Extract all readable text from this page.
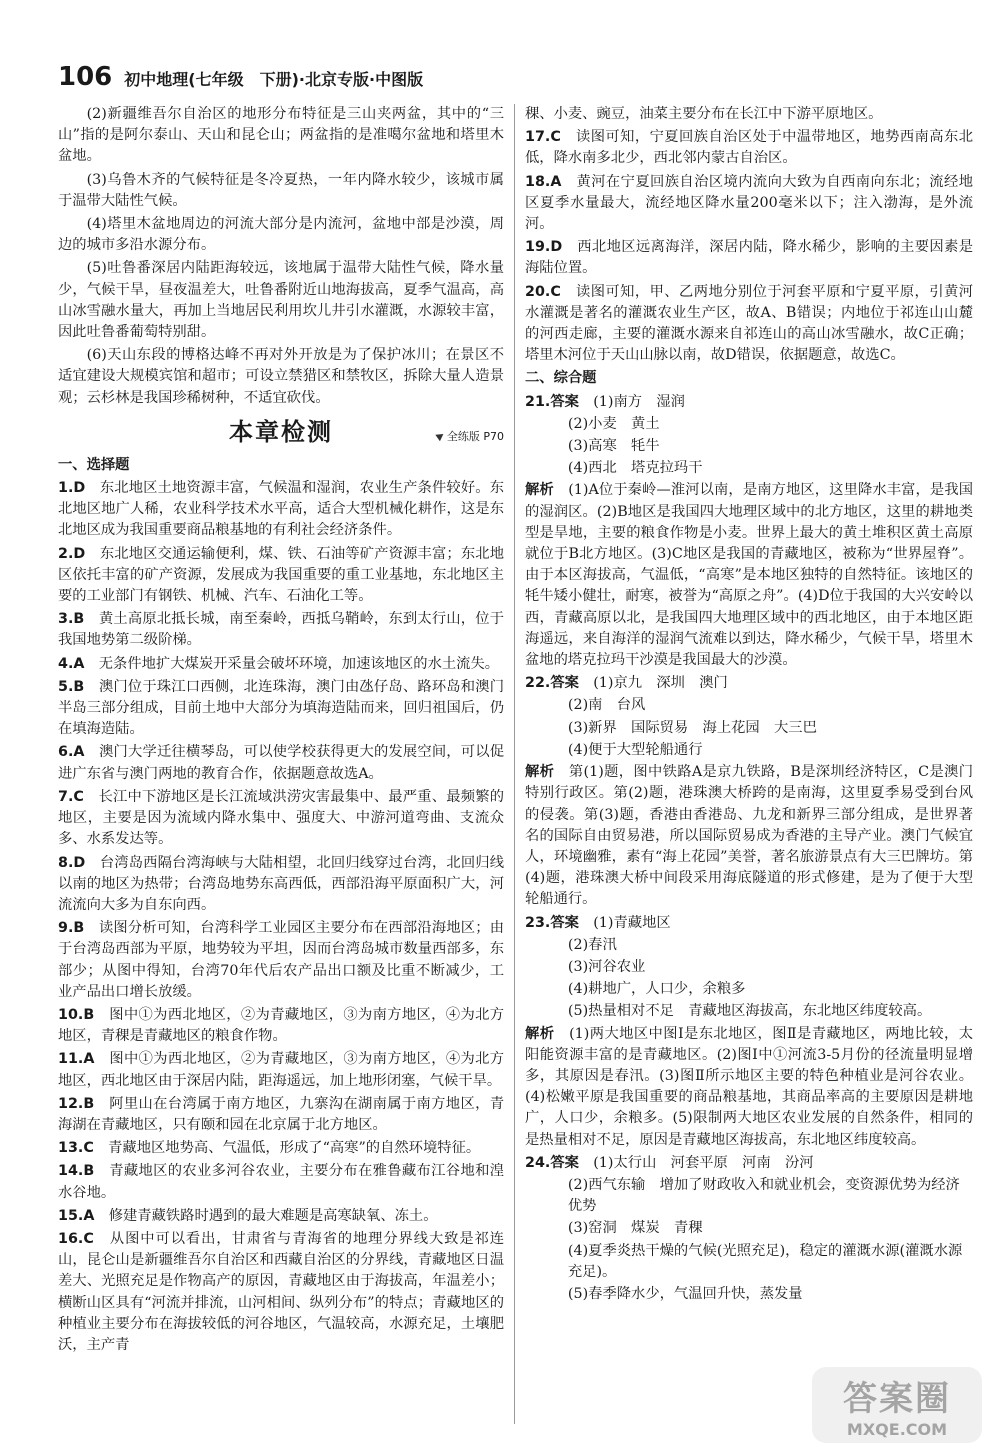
106 初中地理(七年级　下册)·北京专版·中图版

(2)新疆维吾尔自治区的地形分布特征是三山夹两盆，其中的“三山”指的是阿尔泰山、天山和昆仑山；两盆指的是准噶尔盆地和塔里木盆地。

(3)乌鲁木齐的气候特征是冬冷夏热，一年内降水较少，该城市属于温带大陆性气候。

(4)塔里木盆地周边的河流大部分是内流河，盆地中部是沙漠，周边的城市多沿水源分布。

(5)吐鲁番深居内陆距海较远，该地属于温带大陆性气候，降水量少，气候干旱，昼夜温差大，吐鲁番附近山地海拔高，夏季气温高，高山冰雪融水量大，再加上当地居民利用坎儿井引水灌溉，水源较丰富，因此吐鲁番葡萄特别甜。

(6)天山东段的博格达峰不再对外开放是为了保护冰川；在景区不适宜建设大规模宾馆和超市；可设立禁猎区和禁牧区，拆除大量人造景观；云杉林是我国珍稀树种，不适宜砍伐。

本章检测	全练版 P70
一、选择题

1.D　 东北地区土地资源丰富，气候温和湿润，农业生产条件较好。东北地区地广人稀，农业科学技术水平高，适合大型机械化耕作，这是东北地区成为我国重要商品粮基地的有利社会经济条件。

2.D　 东北地区交通运输便利，煤、铁、石油等矿产资源丰富；东北地区依托丰富的矿产资源，发展成为我国重要的重工业基地，东北地区主要的工业部门有钢铁、机械、汽车、石油化工等。

3.B　 黄土高原北抵长城，南至秦岭，西抵乌鞘岭，东到太行山，位于我国地势第二级阶梯。

4.A　 无条件地扩大煤炭开采量会破坏环境，加速该地区的水土流失。

5.B　 澳门位于珠江口西侧，北连珠海，澳门由氹仔岛、路环岛和澳门半岛三部分组成，目前土地中大部分为填海造陆而来，回归祖国后，仍在填海造陆。

6.A　 澳门大学迁往横琴岛，可以使学校获得更大的发展空间，可以促进广东省与澳门两地的教育合作，依据题意故选A。

7.C　 长江中下游地区是长江流域洪涝灾害最集中、最严重、最频繁的地区，主要是因为流域内降水集中、强度大、中游河道弯曲、支流众多、水系发达等。

8.D　 台湾岛西隔台湾海峡与大陆相望，北回归线穿过台湾，北回归线以南的地区为热带；台湾岛地势东高西低，西部沿海平原面积广大，河流流向大多为自东向西。

9.B　 读图分析可知，台湾科学工业园区主要分布在西部沿海地区；由于台湾岛西部为平原，地势较为平坦，因而台湾岛城市数量西部多，东部少；从图中得知，台湾70年代后农产品出口额及比重不断减少，工业产品出口增长放缓。

10.B　 图中①为西北地区，②为青藏地区，③为南方地区，④为北方地区，青稞是青藏地区的粮食作物。

11.A　 图中①为西北地区，②为青藏地区，③为南方地区，④为北方地区，西北地区由于深居内陆，距海遥远，加上地形闭塞，气候干旱。

12.B　 阿里山在台湾属于南方地区，九寨沟在湖南属于南方地区，青海湖在青藏地区，只有颐和园在北京属于北方地区。

13.C　 青藏地区地势高、气温低，形成了“高寒”的自然环境特征。

14.B　 青藏地区的农业多河谷农业，主要分布在雅鲁藏布江谷地和湟水谷地。

15.A　 修建青藏铁路时遇到的最大难题是高寒缺氧、冻土。

16.C　 从图中可以看出，甘肃省与青海省的地理分界线大致是祁连山，昆仑山是新疆维吾尔自治区和西藏自治区的分界线，青藏地区日温差大、光照充足是作物高产的原因，青藏地区由于海拔高，年温差小；横断山区具有“河流并排流，山河相间、纵列分布”的特点；青藏地区的种植业主要分布在海拔较低的河谷地区，气温较高，水源充足，土壤肥沃，主产青

稞、小麦、豌豆，油菜主要分布在长江中下游平原地区。

17.C　 读图可知，宁夏回族自治区处于中温带地区，地势西南高东北低，降水南多北少，西北邻内蒙古自治区。

18.A　 黄河在宁夏回族自治区境内流向大致为自西南向东北；流经地区夏季水量最大，流经地区降水量200毫米以下；注入渤海，是外流河。

19.D　 西北地区远离海洋，深居内陆，降水稀少，影响的主要因素是海陆位置。

20.C　 读图可知，甲、乙两地分别位于河套平原和宁夏平原，引黄河水灌溉是著名的灌溉农业生产区，故A、B错误；内地位于祁连山山麓的河西走廊，主要的灌溉水源来自祁连山的高山冰雪融水，故C正确；塔里木河位于天山山脉以南，故D错误，依据题意，故选C。

二、综合题

21.答案　 (1)南方　湿润

(2)小麦　黄土

(3)高寒　牦牛

(4)西北　塔克拉玛干

解析　 (1)A位于秦岭—淮河以南，是南方地区，这里降水丰富，是我国的湿润区。(2)B地区是我国四大地理区域中的北方地区，这里的耕地类型是旱地，主要的粮食作物是小麦。世界上最大的黄土堆积区黄土高原就位于B北方地区。(3)C地区是我国的青藏地区，被称为“世界屋脊”。由于本区海拔高，气温低，“高寒”是本地区独特的自然特征。该地区的牦牛矮小健壮，耐寒，被誉为“高原之舟”。(4)D位于我国的大兴安岭以西，青藏高原以北，是我国四大地理区域中的西北地区，由于本地区距海遥远，来自海洋的湿润气流难以到达，降水稀少，气候干旱，塔里木盆地的塔克拉玛干沙漠是我国最大的沙漠。

22.答案　 (1)京九　深圳　澳门

(2)南　台风

(3)新界　国际贸易　海上花园　大三巴

(4)便于大型轮船通行

解析　 第(1)题，图中铁路A是京九铁路，B是深圳经济特区，C是澳门特别行政区。第(2)题，港珠澳大桥跨的是南海，这里夏季易受到台风的侵袭。第(3)题，香港由香港岛、九龙和新界三部分组成，是世界著名的国际自由贸易港，所以国际贸易成为香港的主导产业。澳门气候宜人，环境幽雅，素有“海上花园”美誉，著名旅游景点有大三巴牌坊。第(4)题，港珠澳大桥中间段采用海底隧道的形式修建，是为了便于大型轮船通行。

23.答案　 (1)青藏地区

(2)春汛

(3)河谷农业

(4)耕地广，人口少，余粮多

(5)热量相对不足　青藏地区海拔高，东北地区纬度较高。

解析　 (1)两大地区中图Ⅰ是东北地区，图Ⅱ是青藏地区，两地比较，太阳能资源丰富的是青藏地区。(2)图Ⅰ中①河流3-5月份的径流量明显增多，其原因是春汛。(3)图Ⅱ所示地区主要的特色种植业是河谷农业。(4)松嫩平原是我国重要的商品粮基地，其商品率高的主要原因是耕地广，人口少，余粮多。(5)限制两大地区农业发展的自然条件，相同的是热量相对不足，原因是青藏地区海拔高，东北地区纬度较高。

24.答案　 (1)太行山　河套平原　河南　汾河

(2)西气东输　增加了财政收入和就业机会，变资源优势为经济优势

(3)窑洞　煤炭　青稞

(4)夏季炎热干燥的气候(光照充足)，稳定的灌溉水源(灌溉水源充足)。

(5)春季降水少，气温回升快，蒸发量

答案圈
MXQE.COM
